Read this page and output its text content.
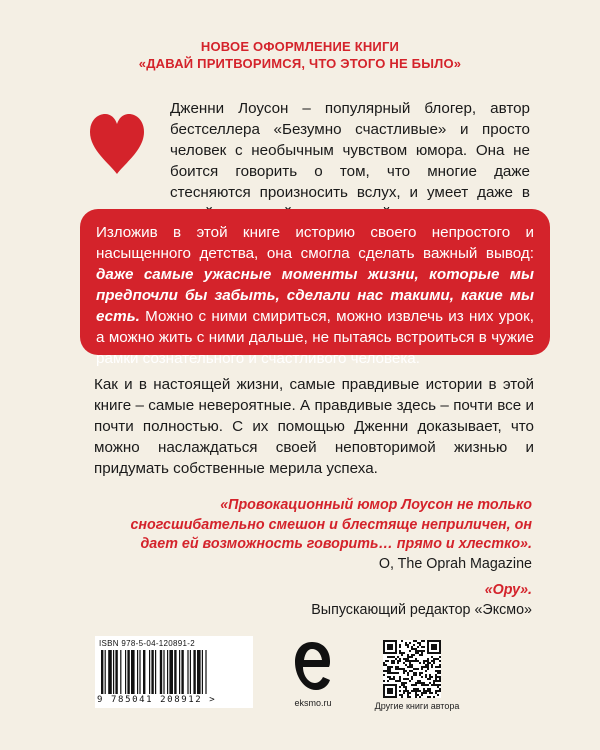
НОВОЕ ОФОРМЛЕНИЕ КНИГИ
«ДАВАЙ ПРИТВОРИМСЯ, ЧТО ЭТОГО НЕ БЫЛО»
Дженни Лоусон – популярный блогер, автор бестселлера «Безумно счастливые» и просто человек с необычным чувством юмора. Она не боится говорить о том, что многие даже стесняются произносить вслух, и умеет даже в
Изложив в этой книге историю своего непростого и насыщенного детства, она смогла сделать важный вывод: даже самые ужасные моменты жизни, которые мы предпочли бы забыть, сделали нас такими, какие мы есть. Можно с ними смириться, можно извлечь из них урок, а можно жить с ними дальше, не пытаясь встроиться в чужие рамки сознательного и счастливого человека.
Как и в настоящей жизни, самые правдивые истории в этой книге – самые невероятные. А правдивые здесь – почти все и почти полностью. С их помощью Дженни доказывает, что можно наслаждаться своей неповторимой жизнью и придумать собственные мерила успеха.
«Провокационный юмор Лоусон не только сногсшибательно смешон и блестяще неприличен, он дает ей возможность говорить… прямо и хлестко».
O, The Oprah Magazine
«Ору».
Выпускающий редактор «Эксмо»
ISBN 978-5-04-120891-2
9 785041 208912 >	eksmo.ru	Другие книги автора
